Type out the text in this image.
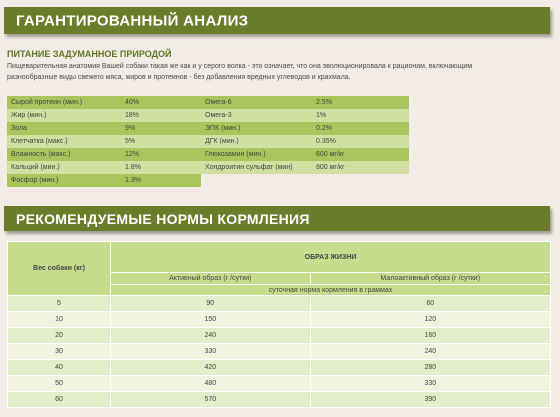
ГАРАНТИРОВАННЫЙ АНАЛИЗ
ПИТАНИЕ ЗАДУМАННОЕ ПРИРОДОЙ
Пищеварительная анатомия Вашей собаки такая же как и у серого волка - это означает, что она эволюционировала к рационам, включающим разнообразные виды свежего мяса, жиров и протеинов - без добавления вредных углеводов и крахмала.
Сырой протеин (мин.)	40%	Омега-6	2.5%
Жир (мин.)	18%	Омега-3	1%
Зола	9%	ЭПК (мин.)	0.2%
Клетчатка (макс.)	5%	ДГК (мин.)	0.35%
Влажность (макс.)	12%	Глюкозамин (мин.)	600 мг/кг
Кальций (мин.)	1.8%	Хондроитин сульфат (мин)	800 мг/кг
Фосфор (мин.)	1.3%		
РЕКОМЕНДУЕМЫЕ НОРМЫ КОРМЛЕНИЯ
Вес собаки (кг)	ОБРАЗ ЖИЗНИ	
	Активный образ (г /сутки)	Малоактивный образ (г /сутки)
	суточная норма кормления в граммах	
5	90	60
10	150	120
20	240	160
30	330	240
40	420	280
50	480	330
60	570	390
